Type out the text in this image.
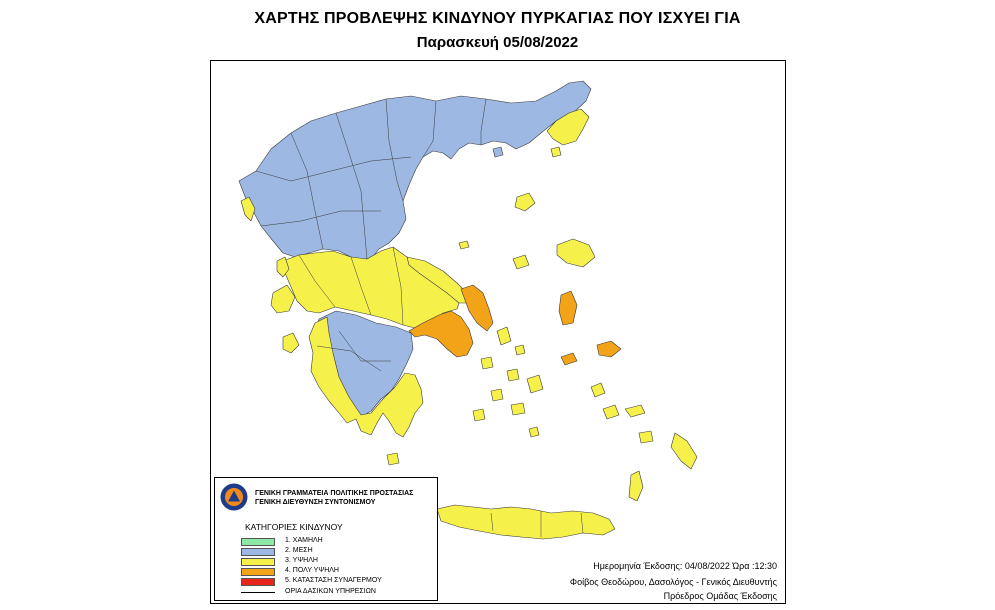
ΧΑΡΤΗΣ ΠΡΟΒΛΕΨΗΣ ΚΙΝΔΥΝΟΥ ΠΥΡΚΑΓΙΑΣ ΠΟΥ ΙΣΧΥΕΙ ΓΙΑ
Παρασκευή 05/08/2022
ΓΕΝΙΚΗ ΓΡΑΜΜΑΤΕΙΑ ΠΟΛΙΤΙΚΗΣ ΠΡΟΣΤΑΣΙΑΣ
ΓΕΝΙΚΗ ΔΙΕΥΘΥΝΣΗ ΣΥΝΤΟΝΙΣΜΟΥ
ΚΑΤΗΓΟΡΙΕΣ ΚΙΝΔΥΝΟΥ
1. ΧΑΜΗΛΗ
2. ΜΕΣΗ
3. ΥΨΗΛΗ
4. ΠΟΛΥ ΥΨΗΛΗ
5. ΚΑΤΑΣΤΑΣΗ ΣΥΝΑΓΕΡΜΟΥ
ΟΡΙΑ ΔΑΣΙΚΩΝ ΥΠΗΡΕΣΙΩΝ
Ημερομηνία Έκδοσης: 04/08/2022 Ώρα :12:30
Φοίβος Θεοδώρου, Δασολόγος - Γενικός Διευθυντής
Πρόεδρος Ομάδας Έκδοσης
